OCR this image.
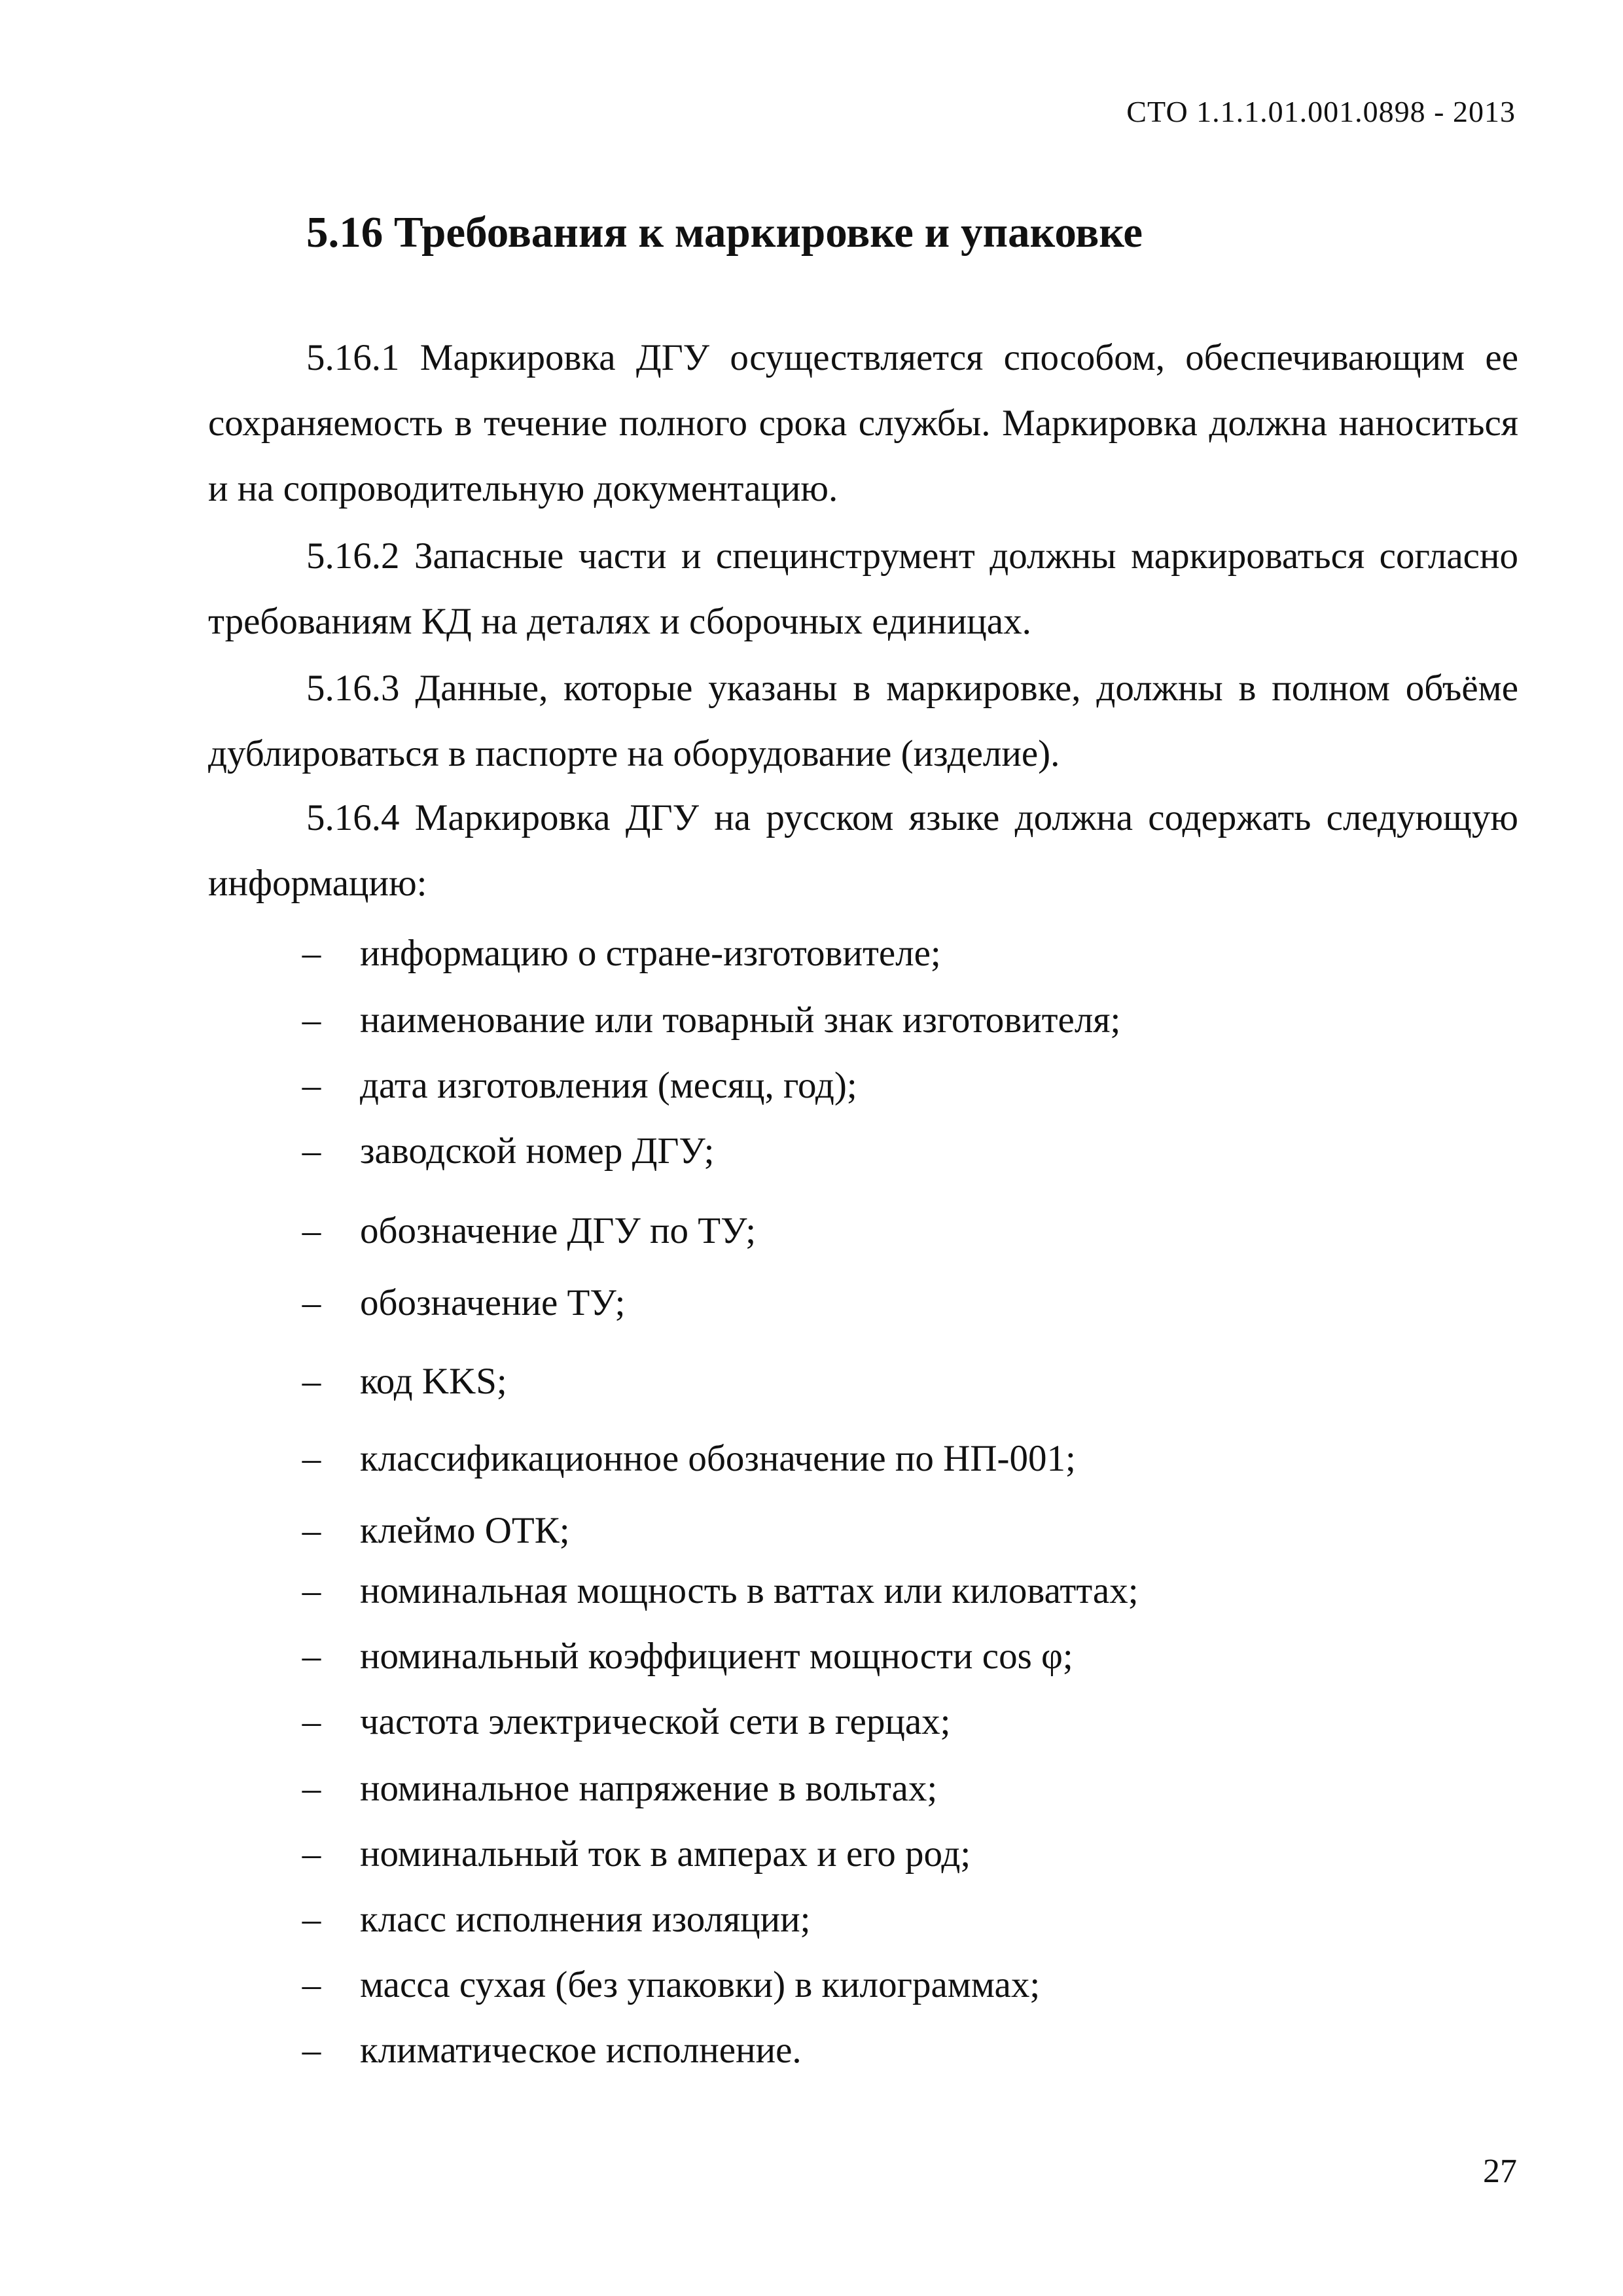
СТО 1.1.1.01.001.0898 - 2013
5.16 Требования к маркировке и упаковке

5.16.1 Маркировка ДГУ осуществляется способом, обеспечивающим ее сохраняемость в течение полного срока службы. Маркировка должна наноситься и на сопроводительную документацию.

5.16.2 Запасные части и специнструмент должны маркироваться согласно требованиям КД на деталях и сборочных единицах.

5.16.3 Данные, которые указаны в маркировке, должны в полном объёме дублироваться в паспорте на оборудование (изделие).

5.16.4 Маркировка ДГУ на русском языке должна содержать следующую информацию:

– информацию о стране-изготовителе;
– наименование или товарный знак изготовителя;
– дата изготовления (месяц, год);
– заводской номер ДГУ;
– обозначение ДГУ по ТУ;
– обозначение ТУ;
– код KKS;
– классификационное обозначение по НП-001;
– клеймо ОТК;
– номинальная мощность в ваттах или киловаттах;
– номинальный коэффициент мощности cos φ;
– частота электрической сети в герцах;
– номинальное напряжение в вольтах;
– номинальный ток в амперах и его род;
– класс исполнения изоляции;
– масса сухая (без упаковки) в килограммах;
– климатическое исполнение.
27
